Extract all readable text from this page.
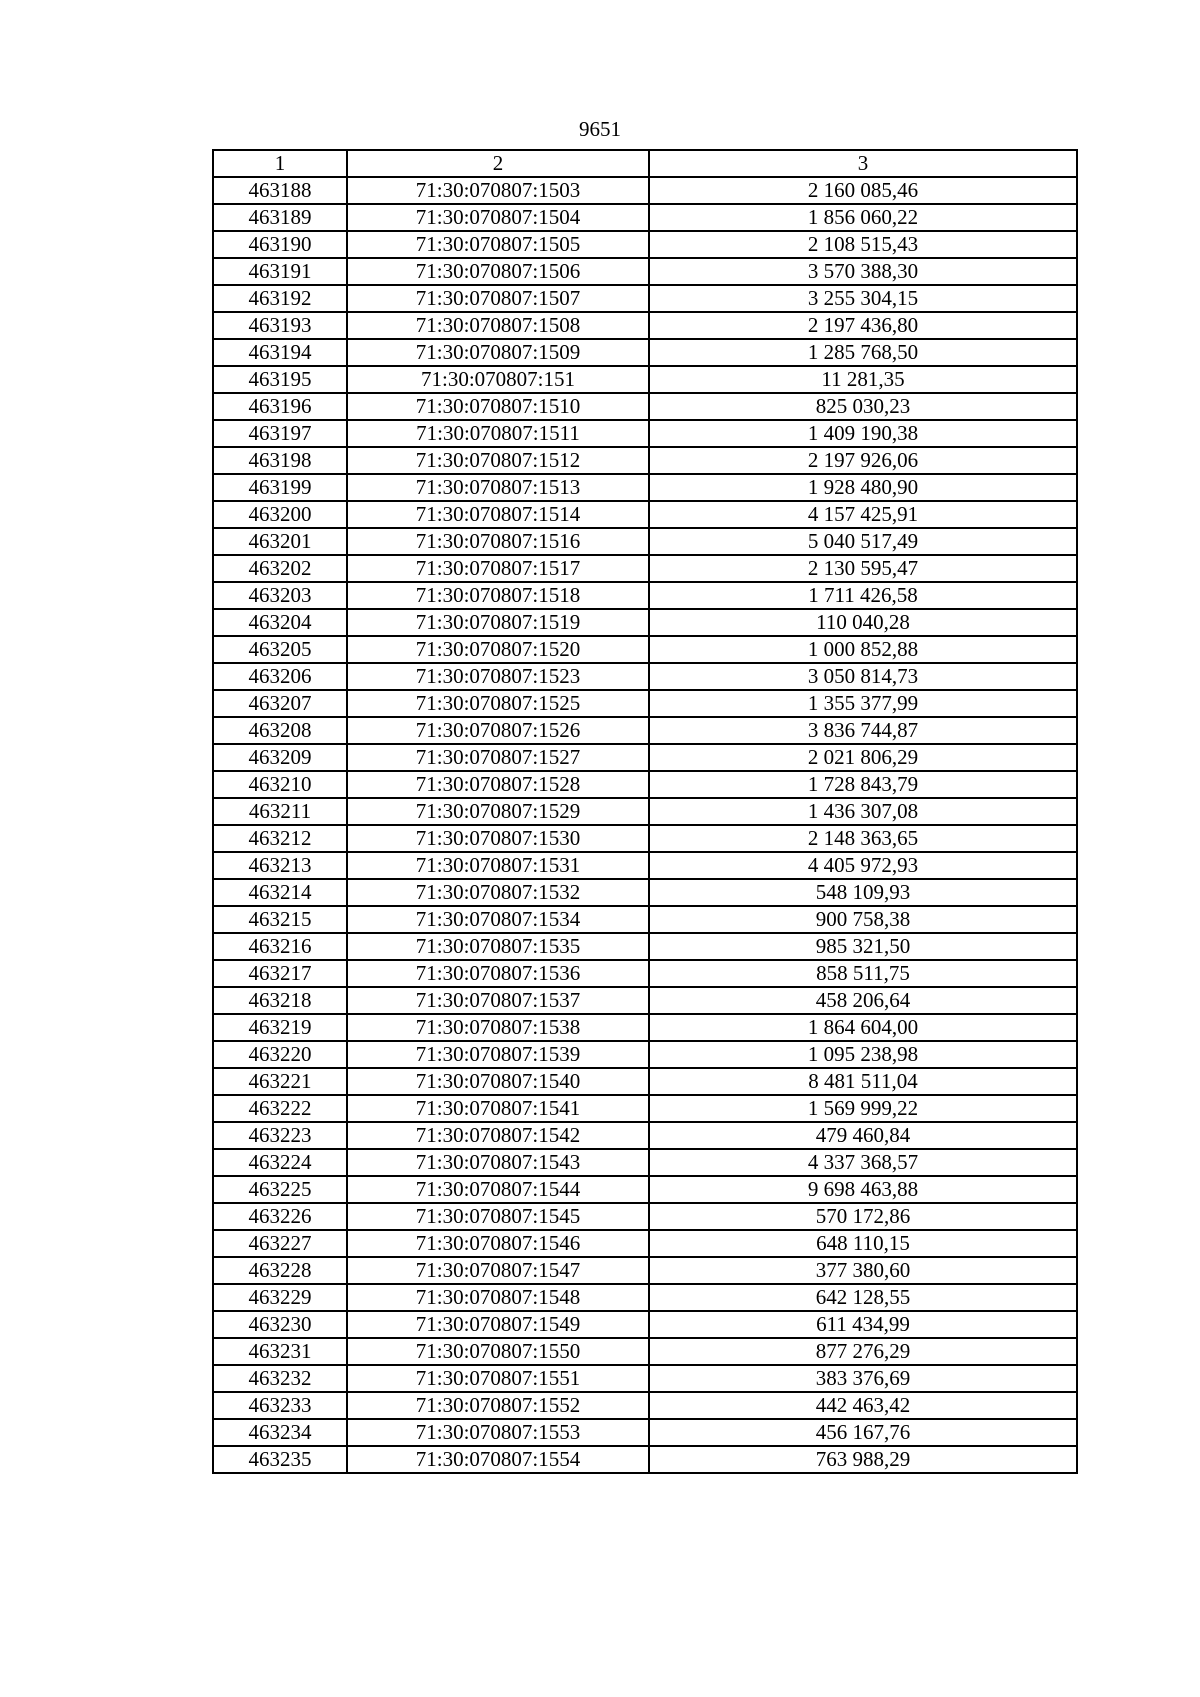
9651
1	2	3
463188	71:30:070807:1503	2 160 085,46
463189	71:30:070807:1504	1 856 060,22
463190	71:30:070807:1505	2 108 515,43
463191	71:30:070807:1506	3 570 388,30
463192	71:30:070807:1507	3 255 304,15
463193	71:30:070807:1508	2 197 436,80
463194	71:30:070807:1509	1 285 768,50
463195	71:30:070807:151	11 281,35
463196	71:30:070807:1510	825 030,23
463197	71:30:070807:1511	1 409 190,38
463198	71:30:070807:1512	2 197 926,06
463199	71:30:070807:1513	1 928 480,90
463200	71:30:070807:1514	4 157 425,91
463201	71:30:070807:1516	5 040 517,49
463202	71:30:070807:1517	2 130 595,47
463203	71:30:070807:1518	1 711 426,58
463204	71:30:070807:1519	110 040,28
463205	71:30:070807:1520	1 000 852,88
463206	71:30:070807:1523	3 050 814,73
463207	71:30:070807:1525	1 355 377,99
463208	71:30:070807:1526	3 836 744,87
463209	71:30:070807:1527	2 021 806,29
463210	71:30:070807:1528	1 728 843,79
463211	71:30:070807:1529	1 436 307,08
463212	71:30:070807:1530	2 148 363,65
463213	71:30:070807:1531	4 405 972,93
463214	71:30:070807:1532	548 109,93
463215	71:30:070807:1534	900 758,38
463216	71:30:070807:1535	985 321,50
463217	71:30:070807:1536	858 511,75
463218	71:30:070807:1537	458 206,64
463219	71:30:070807:1538	1 864 604,00
463220	71:30:070807:1539	1 095 238,98
463221	71:30:070807:1540	8 481 511,04
463222	71:30:070807:1541	1 569 999,22
463223	71:30:070807:1542	479 460,84
463224	71:30:070807:1543	4 337 368,57
463225	71:30:070807:1544	9 698 463,88
463226	71:30:070807:1545	570 172,86
463227	71:30:070807:1546	648 110,15
463228	71:30:070807:1547	377 380,60
463229	71:30:070807:1548	642 128,55
463230	71:30:070807:1549	611 434,99
463231	71:30:070807:1550	877 276,29
463232	71:30:070807:1551	383 376,69
463233	71:30:070807:1552	442 463,42
463234	71:30:070807:1553	456 167,76
463235	71:30:070807:1554	763 988,29
